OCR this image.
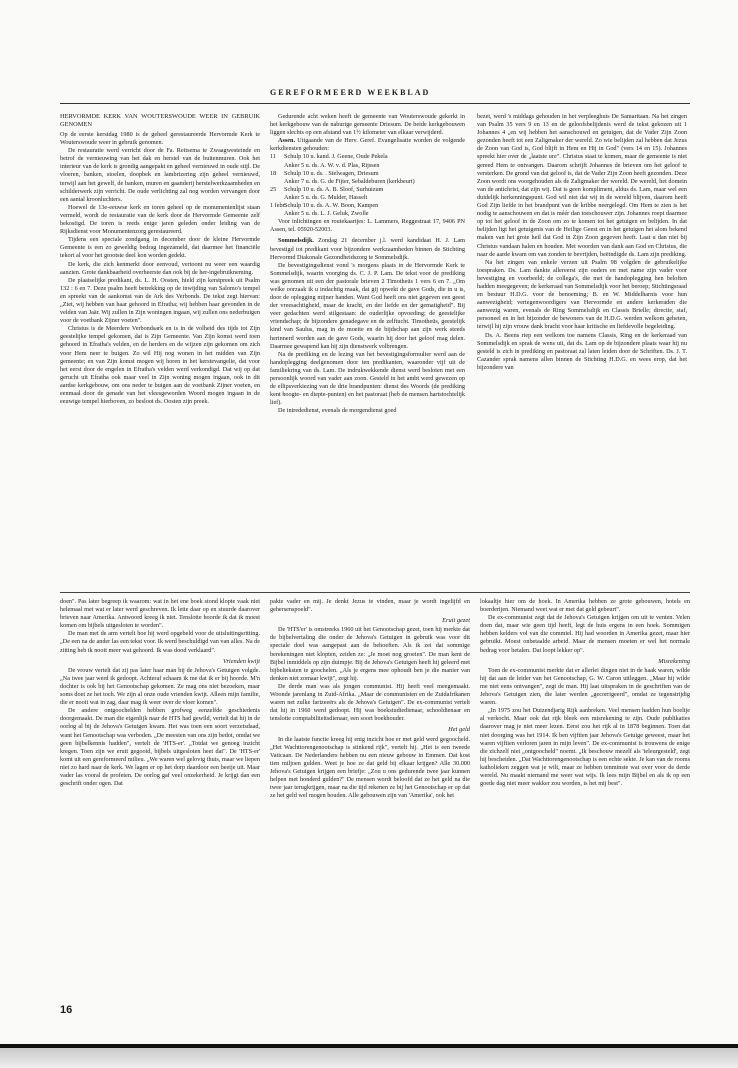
GEREFORMEERD WEEKBLAD
HERVORMDE KERK VAN WOUTERSWOUDE WEER IN GEBRUIK GENOMEN

Op de eerste kerstdag 1980 is de geheel gerestaureerde Hervormde Kerk te Wouterswoude weer in gebruik genomen.

De restauratie werd verricht door de Fa. Reitsema te Zwaagwesteinde en betrof de vernieuwing van het dak en herstel van de buitenmuren. Ook het interieur van de kerk is grondig aangepakt en geheel vernieuwd in oude stijl. De vloeren, banken, stoelen, doopbek en lambrizering zijn geheel vernieuwd, terwijl aan het gewelf, de banken, muren en gaanderij herstelwerkzaamheden en schilderwerk zijn verricht. De oude verlichting zal nog worden vervangen door een aantal kroonluchters.

Hoewel de 13e-eeuwse kerk en toren geheel op de monumentenlijst staan vermeld, wordt de restauratie van de kerk door de Hervormde Gemeente zelf bekostigd. De toren is reeds enige jaren geleden onder leiding van de Rijksdienst voor Monumentenzorg gerestaureerd.

Tijdens een speciale zondgang in december door de kleine Hervormde Gemeente is een zo geweldig bedrag ingezameld, dat daarmee het financiële tekort al voor het grootste deel kon worden gedekt.

De kerk, die zich kenmerkt door eenvoud, vertoont nu weer een waardig aanzien. Grote dankbaarheid overheerste dan ook bij de her-ingebruikneming.

De plaatselijke predikant, ds. L. H. Oosten, hield zijn kerstpreek uit Psalm 132 : 6 en 7. Deze psalm heeft betrekking op de inwijding van Salomo's tempel en spreekt van de aankomst van de Ark des Verbonds. De tekst zegt hiervan: „Ziet, wij hebben van haar gehoord in Efratha; wij hebben haar gevonden in de velden van Jaär. Wij zullen in Zijn woningen ingaan, wij zullen ons nederbuigen voor de voetbank Zijner voeten".

Christus is de Meerdere Verbondsark en is in de volheid des tijds tot Zijn geestelijke tempel gekomen, dat is Zijn Gemeente. Van Zijn komst werd toen gehoord in Efratha's velden, en de herders en de wijzen zijn gekomen om zich voor Hem neer te buigen. Zo wil Hij nog wonen in het midden van Zijn gemeente; en van Zijn komst mogen wij horen in het kerstevangelie, dat voor het eerst door de engelen in Efratha's velden werd verkondigd. Dat wij op dat gerucht uit Efratha ook maar veel in Zijn woning mogen ingaan, ook in dit aardse kerkgebouw, om ons neder te buigen aan de voetbank Zijner voeten, en eenmaal door de genade van het vleesgeworden Woord mogen ingaan in de eeuwige tempel hierboven, zo besloot ds. Oosten zijn preek.

Gedurende acht weken heeft de gemeente van Wouterswoude gekerkt in het kerkgebouw van de naburige gemeente Driesum. De beide kerkgebouwen liggen slechts op een afstand van 1½ kilometer van elkaar verwijderd.

Assen. Uitgaande van de Herv. Geref. Evangelisatie worden de volgende kerkdiensten gehouden:

11 Schulp 10 u. kand. J. Geene, Oude Pekela
Anker 5 u. ds. A. W. v. d. Plas, Rijssen
18 Schulp 10 u. ds. . Stelwagen, Driesum
Anker 7 u. ds. G. de Fijter, Sebaldeburen (kerkbeurt)
25 Schulp 10 u. ds. A. B. Sloof, Surhuizum
Anker 5 u. ds. G. Mulder, Hasselt
1 febr.Schulp 10 u. ds. A. W. Boon, Kampen
Anker 5 u. ds. L. J. Geluk, Zwolle

Voor inlichtingen en routekaartjes: L. Lammers, Reggestraat 17, 9406 PN Assen, tel. 05920-52003.

Sommelsdijk. Zondag 21 december j.l. werd kandidaat H. J. Lam bevestigd tot predikant voor bijzondere werkzaamheden binnen de Stichting Hervormd Diakonale Gezondheidszorg te Sommelsdijk.

De bevestigingsdienst vond 's morgens plaats in de Hervormde Kerk te Sommelsdijk, waarin voorging ds. C. J. P. Lam. De tekst voor de prediking was genomen uit een der pastorale brieven 2 Timotheüs 1 vers 6 en 7. „Om welke oorzaak ik u indachtig maak, dat gij opwekt de gave Gods, die in u is, door de oplegging mijner handen. Want God heeft ons niet gegeven een geest der vreesachtigheid, maar de kracht, en der liefde en der gematigheid". Bij veer gedachten werd stilgestaan: de ouderlijke opvoeding; de geestelijke vriendschap; de bijzondere genadegave en de zelftucht. Timotheüs, geestelijk kind van Saulus, mag in de moeite en de bijdschap aan zijn werk steeds herinnerd worden aan de gave Gods, waarin hij door het geloof mag delen. Daarmee gewapend kan hij zijn dienstwerk volbrengen.

Na de prediking en de lezing van het bevestigingsformulier werd aan de handoplegging deelgenomen door ten predikanten, waaronder vijf uit de familiekring van ds. Lam. De indrukwekkende dienst werd besloten met een persoonlijk woord van vader aan zoon. Gesteld in het ambt werd gewezen op de ellipsverkiezing van de drie brandpunten: dienst des Woords (de prediking kent hoogte- en diepte-punten) en het pastoraat (heb de mensen hartstochtelijk lief).

De intrededienst, evenals de morgendienst goed

bezet, werd 's middags gehouden in het verpleeghuis De Samaritaan. Na het zingen van Psalm 35 vers 9 en 13 en de geloofsbelijdenis werd de tekst gekozen uit 1 Johannes 4 „en wij hebben het aanschouwd en getuigen, dat de Vader Zijn Zoon gezonden heeft tot een Zaligmaker der wereld. Zo wie belijden zal hebben dat Jezus de Zoon van God is, God blijft in Hem en Hij in God" (vers 14 en 15). Johannes spreekt hier over de „laatste ure". Christus staat te komen, maar de gemeente is niet gereed Hem te ontvangen. Daarom schrijft Johannes de brieven om het geloof te versterken. De grond van dat geloof is, dat de Vader Zijn Zoon heeft gezonden. Deze Zoon wordt ons voorgehouden als de Zaligmaker der wereld. De wereld, het domein van de antichrist, dat zijn wij. Dat is geen kompliment, aldus ds. Lam, maar wel een duidelijk herkenningspunt. God wil niet dat wij in de wereld blijven, daarom heeft God Zijn liefde in het brandpunt van de kribbe neergelegd. Om Hem te zien is het nodig te aanschouwen en dat is méér dan toeschouwer zijn. Johannes roept daarmee op tot het geloof in de Zoon om zo te komen tot het getuigen en belijden. In dat belijden ligt het getuigenis van de Heilige Geest en in het getuigen het alom bekend maken van het grote heil dat God in Zijn Zoon gegeven heeft. Laat u dan niet bij Christus vandaan halen en houden. Met woorden van dank aan God en Christus, die naar de aarde kwam om van zonden te bevrijden, beëindigde ds. Lam zijn prediking.

Na het zingen van enkele verzen uit Psalm 98 volgden de gebruikelijke toespraken. Ds. Lam dankte allereerst zijn ouders en met name zijn vader voor bevestiging en voorbeeld; de collega's, die met de handoplegging hen beloften hadden meegegeven; de kerkeraad van Sommelsdijk voor het beroep; Stichtingsraad en bestuur H.D.G. voor de benoeming; B. en W. Middelharnis voor hun aanwezigheid; vertegenwoordigers van Hervormde en andere kerkeraden die aanwezig waren, evenals de Ring Sommelsdijk en Classis Brielle; directie, staf, personeel en in het bijzonder de bewoners van de H.D.G. werden welkom geheten, terwijl hij zijn vrouw dank bracht voor haar kritische en liefdevolle begeleiding.

Ds. A. Beens riep een welkom toe namens Classis, Ring en de kerkeraad van Sommelsdijk en sprak de wens uit, dat ds. Lam op de bijzondere plaats waar hij nu gesteld is zich in prediking en pastoraat zal laten leiden door de Schriften. Ds. J. T. Cazander sprak namens allen binnen de Stichting H.D.G. en wees erop, dat het bijzondere van

doen". Pas later begreep ik waarom: wat in het ene boek stond klopte vaak niet helemaal met wat er later werd geschreven. Ik lette daar op en stuurde daarover brieven naar Amerika. Antwoord kreeg ik niet. Tenslotte hoorde ik dat ik moest komen om bijbels uitgesloten te worden".

De man met de arm vertelt hoe hij werd opgebeld voor de uitsluitingsritting. „De een na de ander las een tekst voor. Ik werd beschuldigd van van alles. Na de zitting heb ik nooit meer wat gehoord. Ik was dood verklaard".

Vrienden kwijt

De vrouw vertelt dat zij pas later haar man bij de Jehova's Getuigen volgde. „Na twee jaar werd ik gedoopt. Achteraf schaam ik me dat ik er bij hoorde. M'n dochter is ook bij het Genootschap gekomen. Ze mag ons niet bezoeken, maar soms doet ze het toch. We zijn al onze oude vrienden kwijt. Alleen mijn familie, die er nooit wat in zag, daar mag ik weer over de vloer komen".

De andere ontgoochelden hebben grofweg eenzelfde geschiedenis doorgemaakt. De man die eigenlijk naar de HTS had gewild, vertelt dat hij in de oorlog al bij de Jehova's Getuigen kwam. Het was toen een soort verzetsdaad, want het Genootschap was verboden. „De meesten van ons zijn bedot, omdat we geen bijbelkennis hadden", vertelt de 'HTS-er'. „Totdat we genoeg inzicht kregen. Toen zijn we eruit gegooid, bijbels uitgesloten heet dat". De 'HTS-er' komt uit een gereformeerd milieu. „We waren wel gelovig thuis, maar we liepen niet zo hard naar de kerk. We lagen er op het dorp daardoor een beetje uit. Maar vader las vooral de profeten. De oorlog gaf veel onzekerheid. Je krijgt dan een geschrift onder ogen. Dat

pakte vader en mij. Je denkt Jezus te vinden, maar je wordt ingelijfd en gehersenspoeld".

Eruit gezet

De 'HTS'er' is omstreeks 1960 uit het Genootschap gezet, toen hij merkte dat de bijbelvertaling die onder de Jehova's Getuigen in gebruik was voor dit speciale doel was aangepast aan de behoeften. Als ik zei dat sommige berekeningen niet klopten, zeiden ze: „Je moet nog groeien". De man kent de Bijbel inmiddels op zijn duimpje. Bij de Jehova's Getuigen heeft hij geleerd met bijbelteksten te goochelen. „Als je ergens mee ophoudt ben je die manier van denken niet zomaar kwijt", zegt hij.

De derde man was als jongen communist. Hij heeft veel meegemaakt. Woonde jarenlang in Zuid-Afrika. „Maar de communisten en de Zuidafrikanen waren net zulke farizeeërs als de Jehova's Getuigen". De ex-communist vertelt dat hij in 1960 werd gedoopt. Hij was boekstudiedienaar, schooldienaar en tenslotte comptabiliteitsdienaar, een soort boekhouder.

Het geld

In die laatste functie kreeg hij enig inzicht hoe er met geld werd gegoocheld. „Het Wachttorengenootschap is stinkend rijk", vertelt hij. „Het is een tweede Vaticaan. De Nederlanders hebben nu een nieuw gebouw in Emmen. Dat kost tien miljoen gulden. Weet je hoe ze dat geld bij elkaar krijgen? Alle 30.000 Jehova's Getuigen krijgen een briefje: „Zou u ons gedurende twee jaar kunnen helpen met honderd gulden?" De mensen wordt beloofd dat ze het geld na die twee jaar terugkrijgen, maar na die tijd rekenen ze bij het Genootschap er op dat ze het geld wel mogen houden. Alle gebouwen zijn van 'Amerika', ook het

lokaaltje hier om de hoek. In Amerika hebben ze grote gebouwen, hotels en boerderijen. Niemand weet wat er met dat geld gebeurt".

De ex-communist zegt dat de Jehova's Getuigen krijgen om uit te venten. Velen doen dat, maar wie geen tijd heeft, legt de huis ergens in een hoek. Sommigen hebben kelders vol van die commiel. Hij had woorden in Amerika gezet, maar hier gebruikt. Moest onbetaalde arbeid. Maar de mensen moeten er wel het normale bedrag voor betalen. Dat loopt lekker op".

Misrekening

Toen de ex-communist merkte dat er allerlei dingen niet in de haak waren, wilde hij dat aan de leider van het Genootschap, G. W. Caron uitleggen. „Maar hij wilde me niet eens ontvangen", zegt de man. Hij laat uitspraken in de geschriften van de Jehova's Getuigen zien, die later werden „gecorrigeerd", omdat ze tegenstrijdig waren.

„In 1975 zou het Duizendjarig Rijk aanbreken. Veel mensen hadden hun boeltje al verkocht. Maar ook dat rijk bleek een misrekening te zijn. Oude publikaties daarover mag je niet meer lezen. Eerst zou het rijk al in 1878 beginnen. Toen dat niet doorging was het 1914. Ik ben vijftien jaar Jehova's Getuige geweest, maar het waren vijftien verloren jaren in mijn leven". De ex-communist is trouwens de enige die zichzelf niet „ontgoocheld" noemt. „Ik beschouw mezelf als 'teleurgesteld', zegt hij bescheiden. „Dat Wachttorengenootschap is een echte sekte. Je kan van de rooms katholieken zeggen wat je wilt, maar ze hebben tenminste wat over voor de derde wereld. Nu maakt niemand me weer wat wijs. Ik lees mijn Bijbel en als ik op een goede dag niet meer wakker zou worden, is het mij best".

16
